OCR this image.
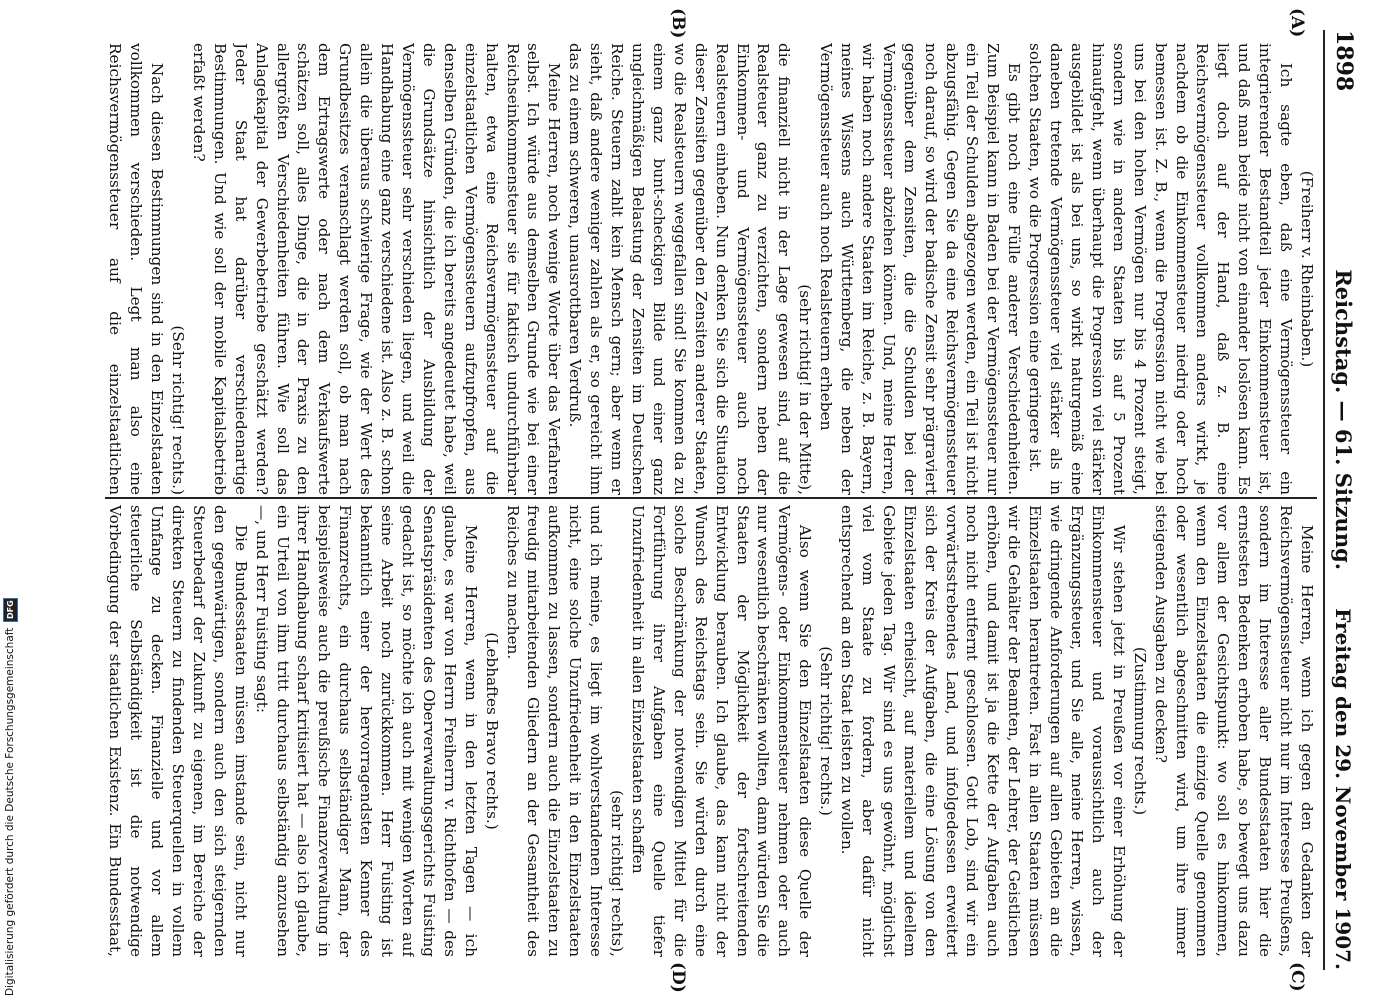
1898
Reichstag. — 61. Sitzung.
Freitag den 29. November 1907.
(A)
(B)
(C)
(D)

(Freiherr v. Rheinbaben.)

Ich sagte eben, daß eine Vermögenssteuer ein integrierender Bestandteil jeder Einkommensteuer ist, und daß man beide nicht von einander loslösen kann. Es liegt doch auf der Hand, daß z. B. eine Reichsvermögenssteuer vollkommen anders wirkt, je nachdem ob die Einkommensteuer niedrig oder hoch bemessen ist. Z. B., wenn die Progression nicht wie bei uns bei den hohen Vermögen nur bis 4 Prozent steigt, sondern wie in anderen Staaten bis auf 5 Prozent hinaufgeht, wenn überhaupt die Progression viel stärker ausgebildet ist als bei uns, so wirkt naturgemäß eine daneben tretende Vermögenssteuer viel stärker als in solchen Staaten, wo die Progression eine geringere ist.

Es gibt noch eine Fülle anderer Verschiedenheiten. Zum Beispiel kann in Baden bei der Vermögenssteuer nur ein Teil der Schulden abgezogen werden, ein Teil ist nicht abzugsfähig. Gegen Sie da eine Reichsvermögenssteuer noch darauf, so wird der badische Zensit sehr prägraviert gegenüber dem Zensiten, die die Schulden bei der Vermögenssteuer abziehen können. Und, meine Herren, wir haben noch andere Staaten im Reiche, z. B. Bayern, meines Wissens auch Württemberg, die neben der Vermögenssteuer auch noch Realsteuern erheben

(sehr richtig! in der Mitte),

die finanziell nicht in der Lage gewesen sind, auf die Realsteuer ganz zu verzichten, sondern neben der Einkommen- und Vermögenssteuer auch noch Realsteuern einheben. Nun denken Sie sich die Situation dieser Zensiten gegenüber den Zensiten anderer Staaten, wo die Realsteuern weggefallen sind! Sie kommen da zu einem ganz bunt-scheckigen Bilde und einer ganz ungleichmäßigen Belastung der Zensiten im Deutschen Reiche. Steuern zahlt kein Mensch gern; aber wenn er sieht, daß andere weniger zahlen als er, so gereicht ihm das zu einem schweren, unausrottbaren Verdruß.

Meine Herren, noch wenige Worte über das Verfahren selbst. Ich würde aus demselben Grunde wie bei einer Reichseinkommensteuer sie für faktisch undurchführbar halten, etwa eine Reichsvermögenssteuer auf die einzelstaatlichen Vermögenssteuern aufzupfropfen, aus denselben Gründen, die ich bereits angedeutet habe, weil die Grundsätze hinsichtlich der Ausbildung der Vermögenssteuer sehr verschieden liegen, und weil die Handhabung eine ganz verschiedene ist. Also z. B. schon allein die überaus schwierige Frage, wie der Wert des Grundbesitzes veranschlagt werden soll, ob man nach dem Ertragswerte oder nach dem Verkaufswerte schätzen soll, alles Dinge, die in der Praxis zu den allergrößten Verschiedenheiten führen. Wie soll das Anlagekapital der Gewerbebetriebe geschätzt werden? Jeder Staat hat darüber verschiedenartige Bestimmungen. Und wie soll der mobile Kapitalsbetrieb erfaßt werden?

(Sehr richtig! rechts.)

Nach diesen Bestimmungen sind in den Einzelstaaten vollkommen verschieden. Legt man also eine Reichsvermögenssteuer auf die einzelstaatlichen

Meine Herren, wenn ich gegen den Gedanken der Reichsvermögenssteuer nicht nur im Interesse Preußens, sondern im Interesse aller Bundesstaaten hier die ernstesten Bedenken erhoben habe, so bewegt uns dazu vor allem der Gesichtspunkt: wo soll es hinkommen, wenn den Einzelstaaten die einzige Quelle genommen oder wesentlich abgeschnitten wird, um ihre immer steigenden Ausgaben zu decken?

(Zustimmung rechts.)

Wir stehen jetzt in Preußen vor einer Erhöhung der Einkommensteuer und voraussichtlich auch der Ergänzungssteuer, und Sie alle, meine Herren, wissen, wie dringende Anforderungen auf allen Gebieten an die Einzelstaaten herantreten. Fast in allen Staaten müssen wir die Gehälter der Beamten, der Lehrer, der Geistlichen erhöhen, und damit ist ja die Kette der Aufgaben auch noch nicht entfernt geschlossen. Gott Lob, sind wir ein vorwärtsstrebendes Land, und infolgedessen erweitert sich der Kreis der Aufgaben, die eine Lösung von den Einzelstaaten erheischt, auf materiellem und ideellem Gebiete jeden Tag. Wir sind es uns gewöhnt, möglichst viel vom Staate zu fordern, aber dafür nicht entsprechend an den Staat leisten zu wollen.

(Sehr richtig! rechts.)

Also wenn Sie den Einzelstaaten diese Quelle der Vermögens- oder Einkommensteuer nehmen oder auch nur wesentlich beschränken wollten, dann würden Sie die Staaten der Möglichkeit der fortschreitenden Entwicklung berauben. Ich glaube, das kann nicht der Wunsch des Reichstags sein. Sie würden durch eine solche Beschränkung der notwendigen Mittel für die Fortführung ihrer Aufgaben eine Quelle tiefer Unzufriedenheit in allen Einzelstaaten schaffen

(sehr richtig! rechts),

und ich meine, es liegt im wohlverstandenen Interesse nicht, eine solche Unzufriedenheit in den Einzelstaaten aufkommen zu lassen, sondern auch die Einzelstaaten zu freudig mitarbeitenden Gliedern an der Gesamtheit des Reiches zu machen.

(Lebhaftes Bravo rechts.)

Meine Herren, wenn in den letzten Tagen — ich glaube, es war von Herrn Freiherrn v. Richthofen — des Senatspräsidenten des Oberverwaltungsgerichts Fuisting gedacht ist, so möchte ich auch mit wenigen Worten auf seine Arbeit noch zurückkommen. Herr Fuisting ist bekanntlich einer der hervorragendsten Kenner des Finanzrechts, ein durchaus selbständiger Mann, der beispielsweise auch die preußische Finanzverwaltung in ihrer Handhabung scharf kritisiert hat — also ich glaube, ein Urteil von ihm tritt durchaus selbständig anzusehen —, und Herr Fuisting sagt:

Die Bundesstaaten müssen imstande sein, nicht nur den gegenwärtigen, sondern auch den sich steigernden Steuerbedarf der Zukunft zu eigenen, im Bereiche der direkten Steuern zu findenden Steuerquellen in vollem Umfange zu decken. Finanzielle und vor allem steuerliche Selbständigkeit ist die notwendige Vorbedingung der staatlichen Existenz. Ein Bundesstaat,

Digitalisierung gefördert durch die Deutsche Forschungsgemeinschaft
DFG
